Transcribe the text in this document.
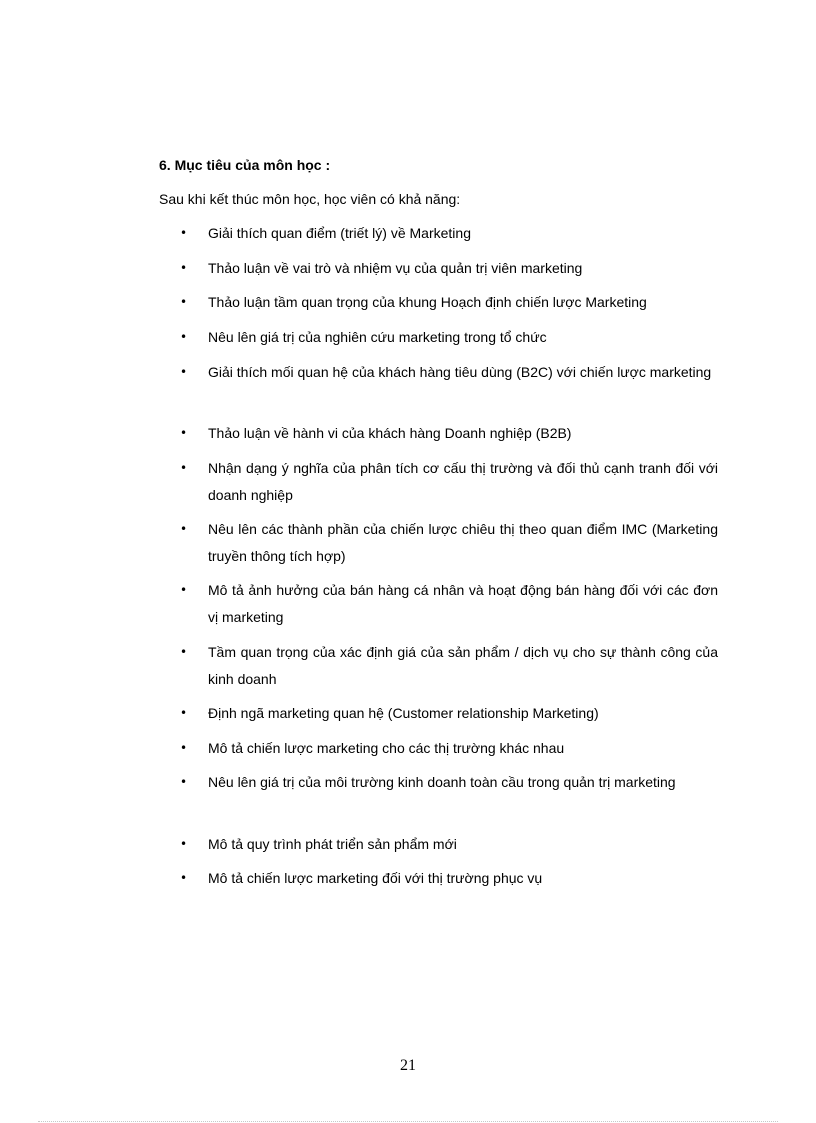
6. Mục tiêu của môn học :
Sau khi kết thúc môn học, học viên có khả năng:
•	Giải thích quan điểm (triết lý) về Marketing
•	Thảo luận về vai trò và nhiệm vụ của quản trị viên marketing
•	Thảo luận tầm quan trọng của khung Hoạch định chiến lược Marketing
•	Nêu lên giá trị của nghiên cứu marketing trong tổ chức
•	Giải thích mối quan hệ của khách hàng tiêu dùng (B2C) với chiến lược marketing
•	Thảo luận về hành vi của khách hàng Doanh nghiệp (B2B)
•	Nhận dạng ý nghĩa của phân tích cơ cấu thị trường và đối thủ cạnh tranh đối với doanh nghiệp
•	Nêu lên các thành phần của chiến lược chiêu thị theo quan điểm IMC (Marketing truyền thông tích hợp)
•	Mô tả ảnh hưởng của bán hàng cá nhân và hoạt động bán hàng đối với các đơn vị marketing
•	Tầm quan trọng của xác định giá của sản phẩm / dịch vụ cho sự thành công của kinh doanh
•	Định ngã marketing quan hệ (Customer relationship Marketing)
•	Mô tả chiến lược marketing cho các thị trường khác nhau
•	Nêu lên giá trị của môi trường kinh doanh toàn cầu trong quản trị marketing
•	Mô tả quy trình phát triển sản phẩm mới
•	Mô tả chiến lược marketing đối với thị trường phục vụ
21
